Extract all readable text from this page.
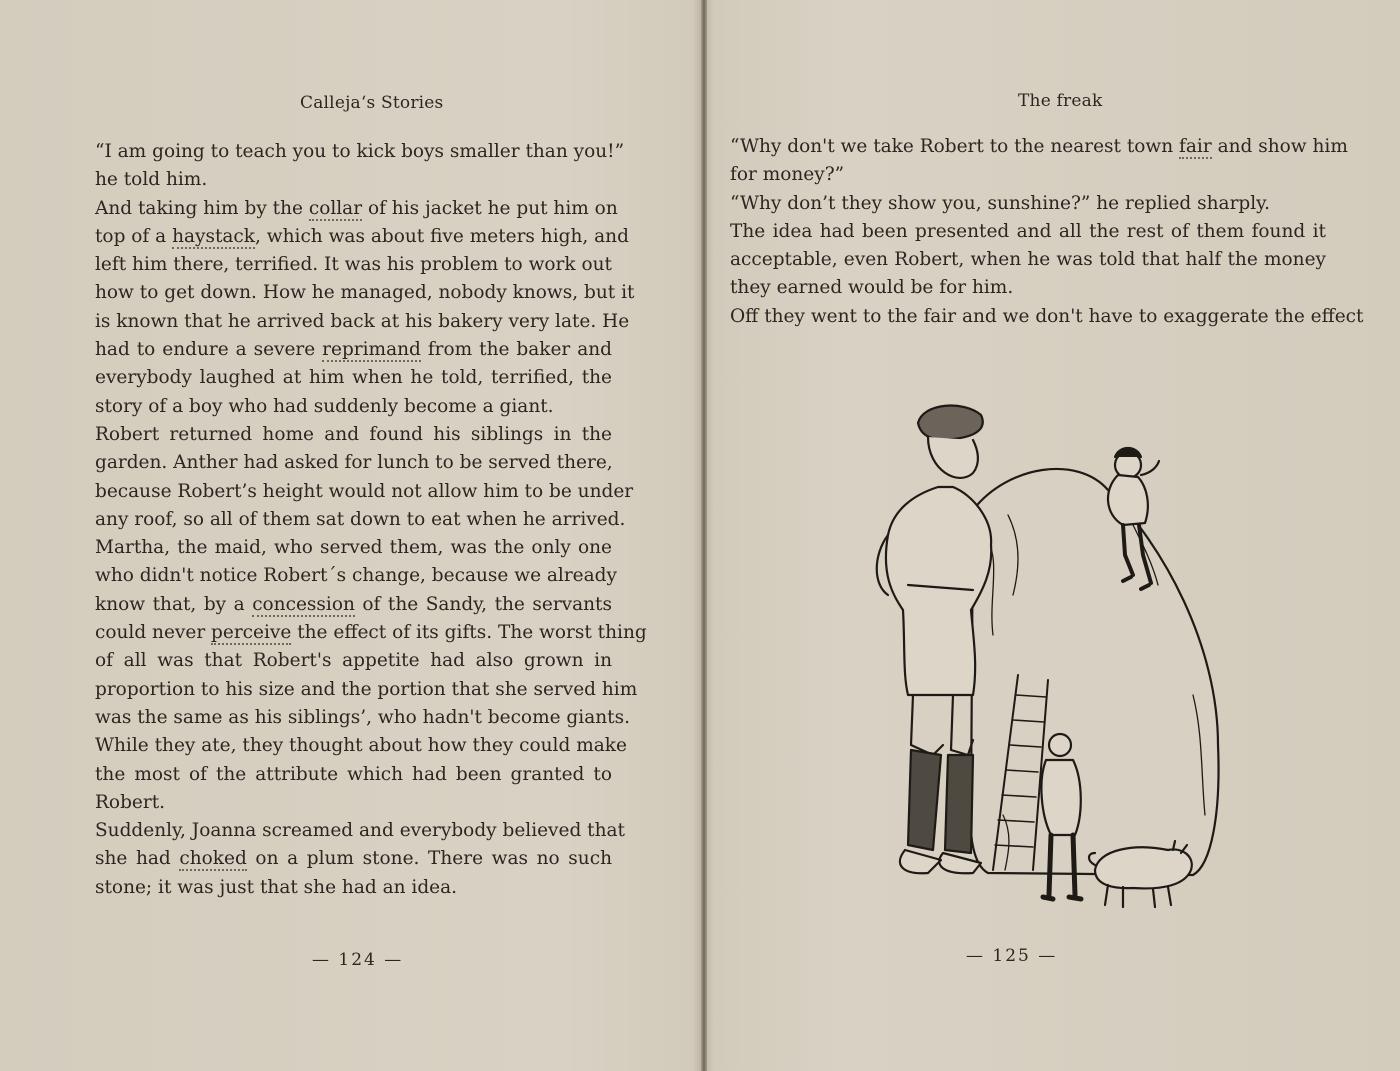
Calleja‘s Stories
“I am going to teach you to kick boys smaller than you!”
he told him.
And taking him by the collar of his jacket he put him on
top of a haystack, which was about five meters high, and
left him there, terrified. It was his problem to work out
how to get down. How he managed, nobody knows, but it
is known that he arrived back at his bakery very late. He
had to endure a severe reprimand from the baker and
everybody laughed at him when he told, terrified, the
story of a boy who had suddenly become a giant.
Robert returned home and found his siblings in the
garden. Anther had asked for lunch to be served there,
because Robert’s height would not allow him to be under
any roof, so all of them sat down to eat when he arrived.
Martha, the maid, who served them, was the only one
who didn't notice Robert´s change, because we already
know that, by a concession of the Sandy, the servants
could never perceive the effect of its gifts. The worst thing
of all was that Robert's appetite had also grown in
proportion to his size and the portion that she served him
was the same as his siblings’, who hadn't become giants.
While they ate, they thought about how they could make
the most of the attribute which had been granted to
Robert.
Suddenly, Joanna screamed and everybody believed that
she had choked on a plum stone. There was no such
stone; it was just that she had an idea.
— 124 —
The freak
“Why don't we take Robert to the nearest town fair and show him
for money?”
“Why don’t they show you, sunshine?” he replied sharply.
The idea had been presented and all the rest of them found it
acceptable, even Robert, when he was told that half the money
they earned would be for him.
Off they went to the fair and we don't have to exaggerate the effect
— 125 —
